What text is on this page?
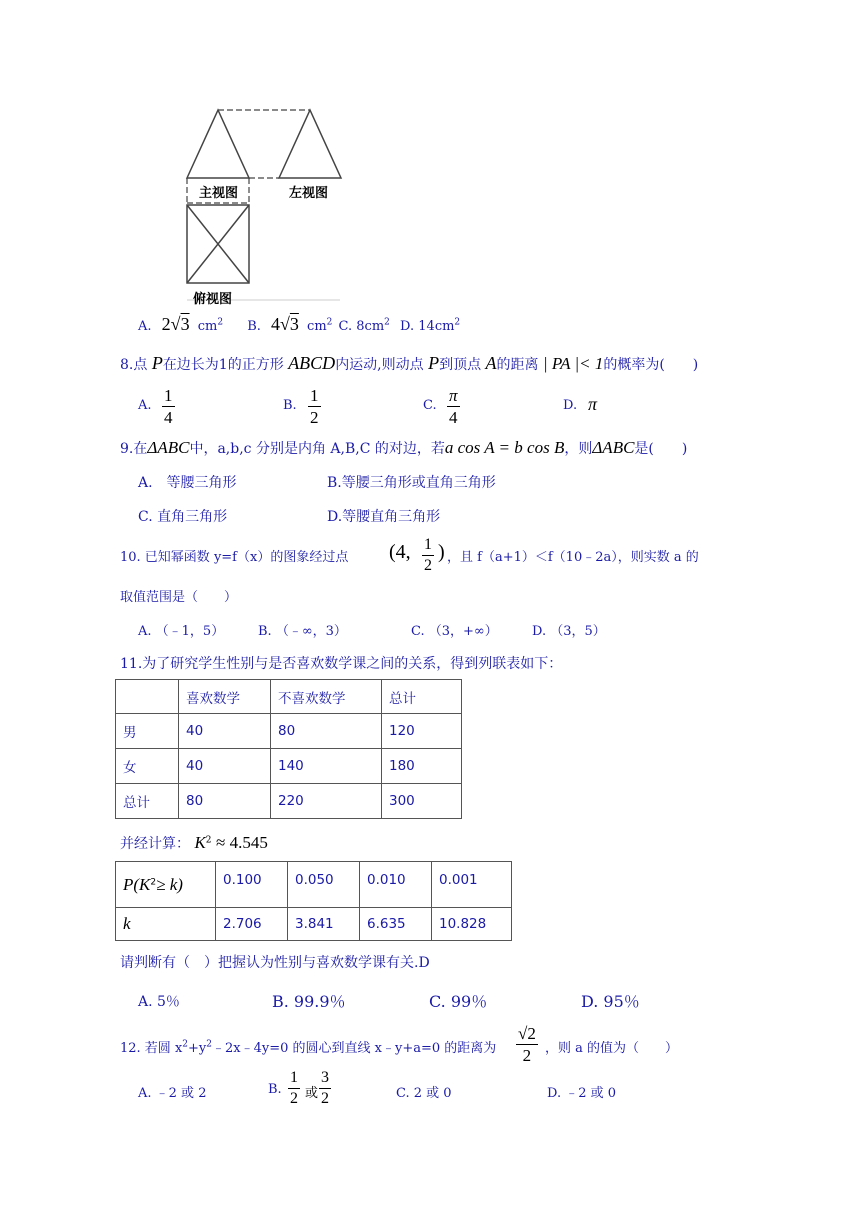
主视图	左视图
俯视图
A. 2√3 $cm^2$ B. 4√3 $cm^2$ C. $8cm^2$ D. $14cm^2$
8.点 P在边长为1的正方形 ABCD内运动,则动点 P到顶点 A的距离 | PA |< 1的概率为(　　)
A. $\frac{1}{4}$	B. $\frac{1}{2}$	C. $\frac{\pi}{4}$	D. π
9.在ΔABC中，a,b,c 分别是内角 A,B,C 的对边，若a cos A = b cos B，则ΔABC是(　　)
A.　等腰三角形	B.等腰三角形或直角三角形
C. 直角三角形	D.等腰直角三角形
10. 已知幂函数 y=f（x）的图象经过点 (4, $\frac{1}{2}$ ) ，且 f（a+1）＜f（10﹣2a），则实数 a 的
取值范围是（　　）
A. （﹣1，5）	B. （﹣∞，3）	C. （3，+∞）	D. （3，5）
11.为了研究学生性别与是否喜欢数学课之间的关系，得到列联表如下：
	喜欢数学	不喜欢数学	总计
男	40	80	120
女	40	140	180
总计	80	220	300
并经计算： $K^2 \approx 4.545$
$P(K^2\ge k)$	0.100	0.050	0.010	0.001
k	2.706	3.841	6.635	10.828
请判断有（　）把握认为性别与喜欢数学课有关.D
A. 5％	B. 99.9％	C. 99％	D. 95％
12. 若圆 $x^2+y^2﹣2x﹣4y=0$ 的圆心到直线 x﹣y+a=0 的距离为 $\frac{√2}{2}$ ，则 a 的值为（　　）
A. ﹣2 或 2	B. $\frac{1}{2}$ 或 $\frac{3}{2}$	C. 2 或 0	D. ﹣2 或 0
